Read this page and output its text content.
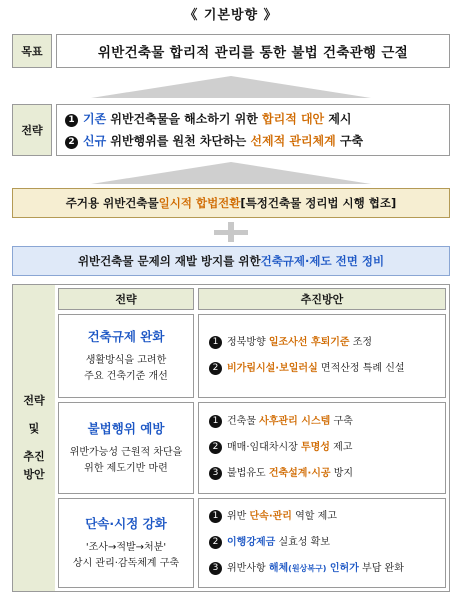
《 기본방향 》
목표	위반건축물 합리적 관리를 통한 불법 건축관행 근절
전략
1 기존 위반건축물을 해소하기 위한 합리적 대안 제시
2 신규 위반행위를 원천 차단하는 선제적 관리체계 구축
주거용 위반건축물 일시적 합법전환 [특정건축물 정리법 시행 협조]
위반건축물 문제의 재발 방지를 위한 건축규제·제도 전면 정비
전략
및
추진
방안
전략	추진방안
건축규제 완화
생활방식을 고려한
주요 건축기준 개선
1 정북방향 일조사선 후퇴기준 조정
2 비가림시설·보일러실 면적산정 특례 신설
불법행위 예방
위반가능성 근원적 차단을
위한 제도기반 마련
1 건축물 사후관리 시스템 구축
2 매매·임대차시장 투명성 제고
3 불법유도 건축설계·시공 방지
단속·시정 강화
'조사→적발→처분'
상시 관리·감독체계 구축
1 위반 단속·관리 역할 제고
2 이행강제금 실효성 확보
3 위반사항 해체(원상복구) 인허가 부담 완화
